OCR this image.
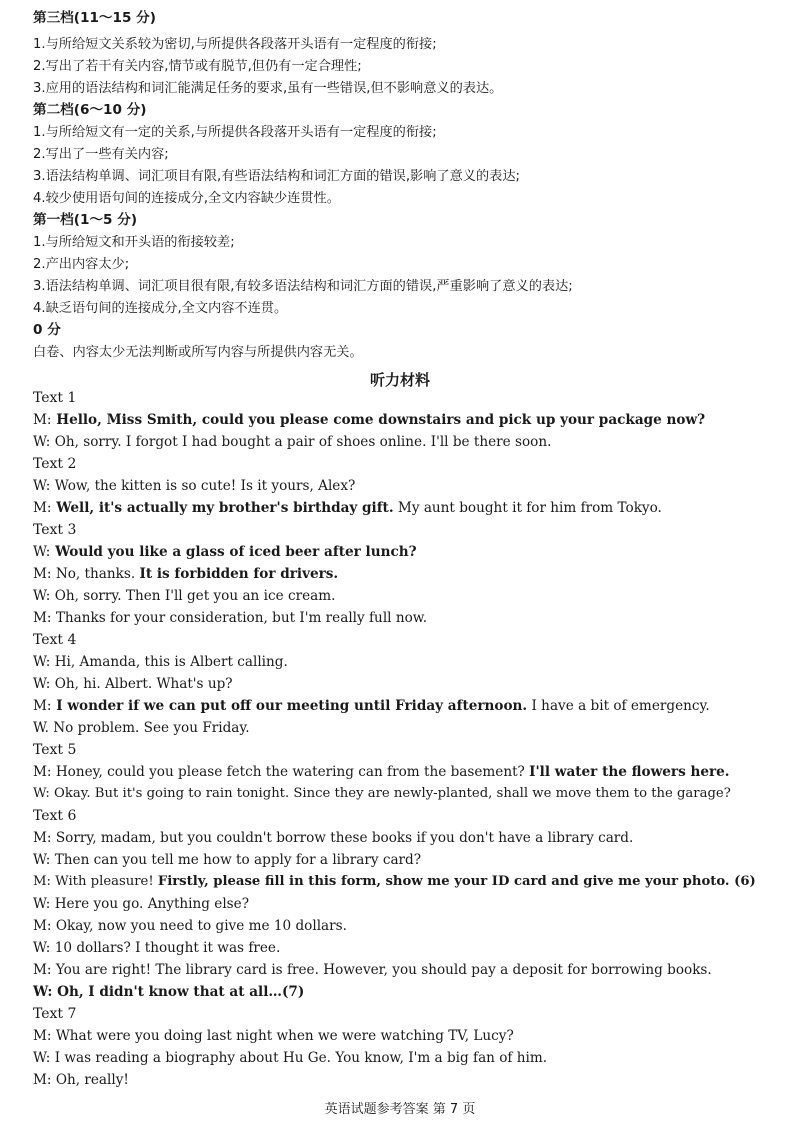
第三档(11～15 分)
1.与所给短文关系较为密切,与所提供各段落开头语有一定程度的衔接;
2.写出了若干有关内容,情节或有脱节,但仍有一定合理性;
3.应用的语法结构和词汇能满足任务的要求,虽有一些错误,但不影响意义的表达。
第二档(6～10 分)
1.与所给短文有一定的关系,与所提供各段落开头语有一定程度的衔接;
2.写出了一些有关内容;
3.语法结构单调、词汇项目有限,有些语法结构和词汇方面的错误,影响了意义的表达;
4.较少使用语句间的连接成分,全文内容缺少连贯性。
第一档(1～5 分)
1.与所给短文和开头语的衔接较差;
2.产出内容太少;
3.语法结构单调、词汇项目很有限,有较多语法结构和词汇方面的错误,严重影响了意义的表达;
4.缺乏语句间的连接成分,全文内容不连贯。
0 分
白卷、内容太少无法判断或所写内容与所提供内容无关。
听力材料
Text 1
M: Hello, Miss Smith, could you please come downstairs and pick up your package now?
W: Oh, sorry. I forgot I had bought a pair of shoes online. I'll be there soon.
Text 2
W: Wow, the kitten is so cute! Is it yours, Alex?
M: Well, it's actually my brother's birthday gift. My aunt bought it for him from Tokyo.
Text 3
W: Would you like a glass of iced beer after lunch?
M: No, thanks. It is forbidden for drivers.
W: Oh, sorry. Then I'll get you an ice cream.
M: Thanks for your consideration, but I'm really full now.
Text 4
W: Hi, Amanda, this is Albert calling.
W: Oh, hi. Albert. What's up?
M: I wonder if we can put off our meeting until Friday afternoon. I have a bit of emergency.
W. No problem. See you Friday.
Text 5
M: Honey, could you please fetch the watering can from the basement? I'll water the flowers here.
W: Okay. But it's going to rain tonight. Since they are newly-planted, shall we move them to the garage?
Text 6
M: Sorry, madam, but you couldn't borrow these books if you don't have a library card.
W: Then can you tell me how to apply for a library card?
M: With pleasure! Firstly, please fill in this form, show me your ID card and give me your photo. (6)
W: Here you go. Anything else?
M: Okay, now you need to give me 10 dollars.
W: 10 dollars? I thought it was free.
M: You are right! The library card is free. However, you should pay a deposit for borrowing books.
W: Oh, I didn't know that at all…(7)
Text 7
M: What were you doing last night when we were watching TV, Lucy?
W: I was reading a biography about Hu Ge. You know, I'm a big fan of him.
M: Oh, really!
英语试题参考答案 第 7 页
